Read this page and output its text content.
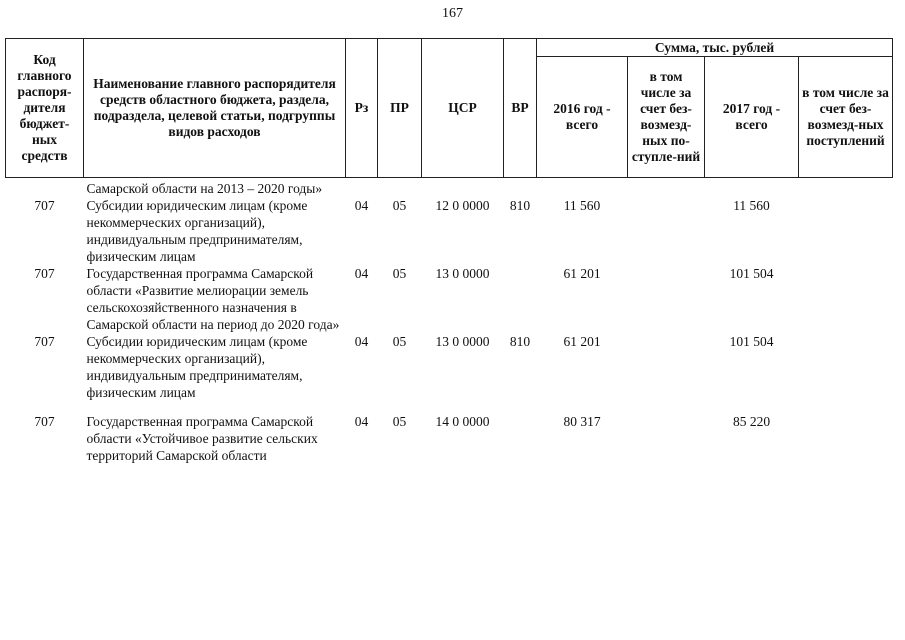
167
Код главного распоря-дителя бюджет-ных средств	Наименование главного распорядителя средств областного бюджета, раздела, подраздела, целевой статьи, подгруппы видов расходов	Рз	ПР	ЦСР	ВР	Сумма, тыс. рублей			
						2016 год - всего	в том числе за счет без-возмезд-ных по-ступле-ний	2017 год - всего	в том числе за счет без-возмезд-ных поступлений
	Самарской области на 2013 – 2020 годы»								
707	Субсидии юридическим лицам (кроме некоммерческих организаций), индивидуальным предпринимателям, физическим лицам	04	05	12 0 0000	810	11 560		11 560	
707	Государственная программа Самарской области «Развитие мелиорации земель сельскохозяйственного назначения в Самарской области на период до 2020 года»	04	05	13 0 0000		61 201		101 504	
707	Субсидии юридическим лицам (кроме некоммерческих организаций), индивидуальным предпринимателям, физическим лицам	04	05	13 0 0000	810	61 201		101 504	

707	Государственная программа Самарской области «Устойчивое развитие сельских территорий Самарской области	04	05	14 0 0000		80 317		85 220	
